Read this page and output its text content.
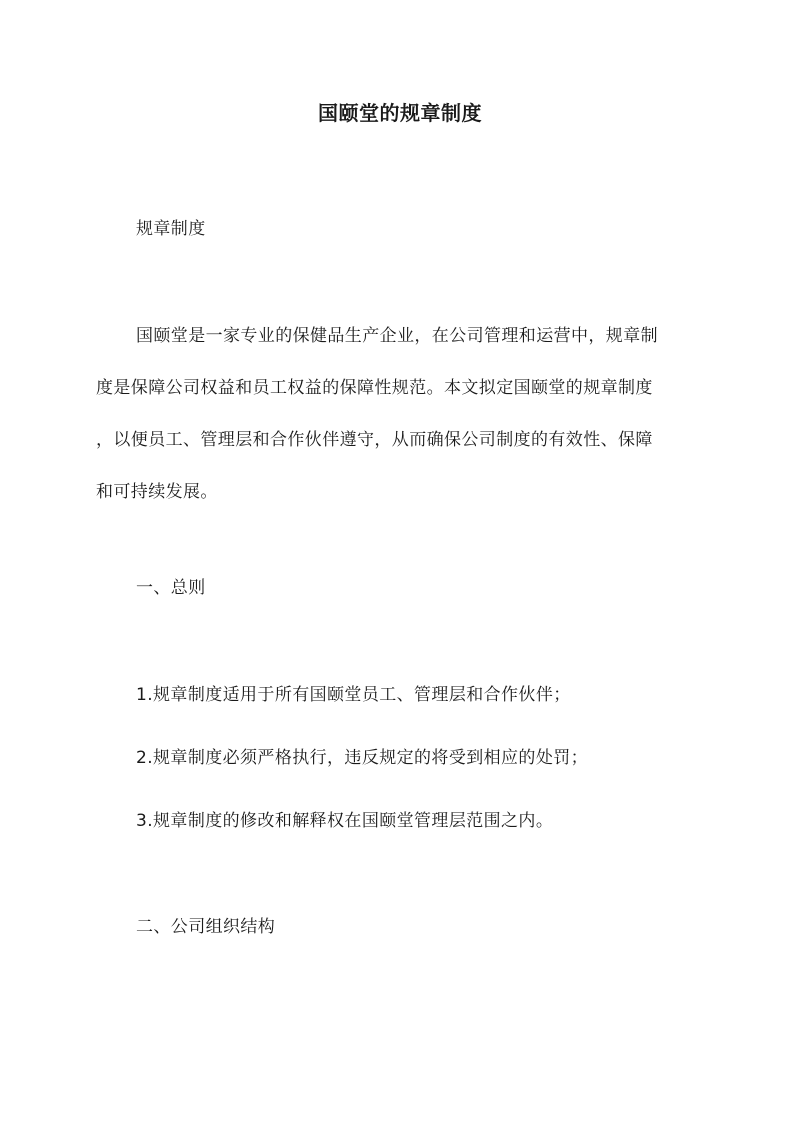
国颐堂的规章制度
规章制度
国颐堂是一家专业的保健品生产企业，在公司管理和运营中，规章制
度是保障公司权益和员工权益的保障性规范。本文拟定国颐堂的规章制度
，以便员工、管理层和合作伙伴遵守，从而确保公司制度的有效性、保障
和可持续发展。
一、总则
1.规章制度适用于所有国颐堂员工、管理层和合作伙伴；
2.规章制度必须严格执行，违反规定的将受到相应的处罚；
3.规章制度的修改和解释权在国颐堂管理层范围之内。
二、公司组织结构
